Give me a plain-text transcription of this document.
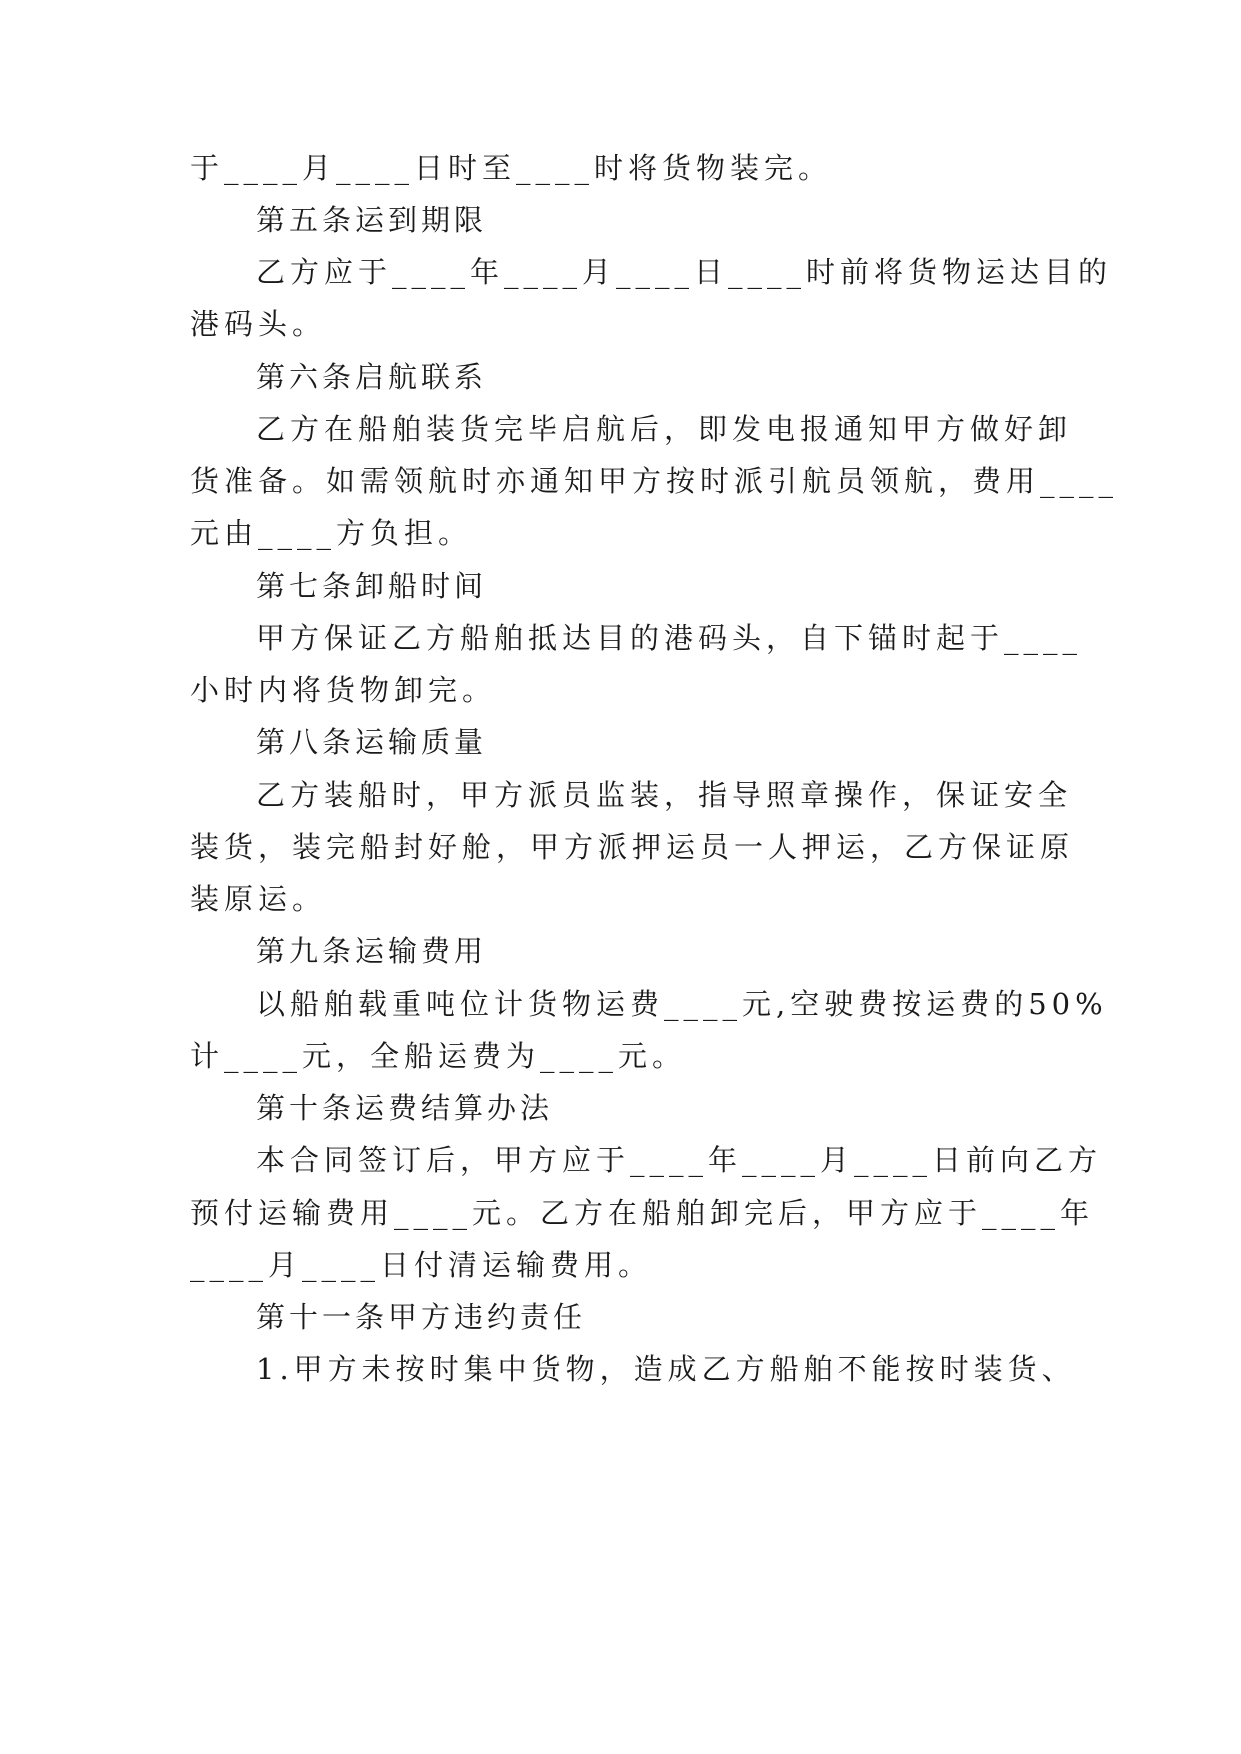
于____月____日时至____时将货物装完。
第五条运到期限
乙方应于____年____月____日____时前将货物运达目的
港码头。
第六条启航联系
乙方在船舶装货完毕启航后，即发电报通知甲方做好卸
货准备。如需领航时亦通知甲方按时派引航员领航，费用____
元由____方负担。
第七条卸船时间
甲方保证乙方船舶抵达目的港码头，自下锚时起于____
小时内将货物卸完。
第八条运输质量
乙方装船时，甲方派员监装，指导照章操作，保证安全
装货，装完船封好舱，甲方派押运员一人押运，乙方保证原
装原运。
第九条运输费用
以船舶载重吨位计货物运费____元,空驶费按运费的50%
计____元，全船运费为____元。
第十条运费结算办法
本合同签订后，甲方应于____年____月____日前向乙方
预付运输费用____元。乙方在船舶卸完后，甲方应于____年
____月____日付清运输费用。
第十一条甲方违约责任
1.甲方未按时集中货物，造成乙方船舶不能按时装货、
